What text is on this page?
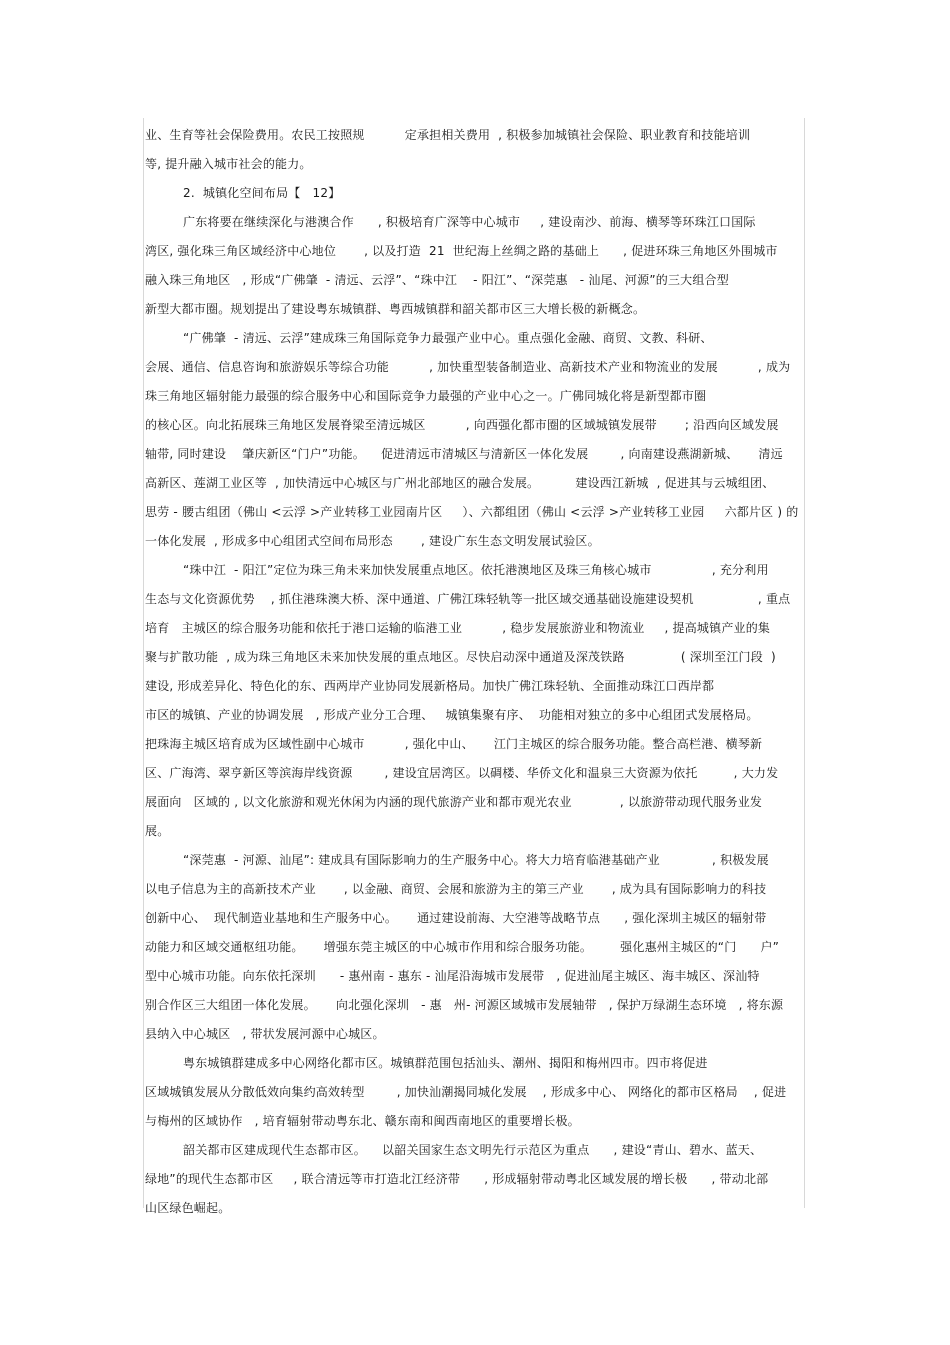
业、生育等社会保险费用。农民工按照规          定承担相关费用  , 积极参加城镇社会保险、职业教育和技能培训
等, 提升融入城市社会的能力。
2.  城镇化空间布局【   12】
广东将要在继续深化与港澳合作      , 积极培育广深等中心城市     , 建设南沙、前海、横琴等环珠江口国际
湾区, 强化珠三角区域经济中心地位       , 以及打造  21  世纪海上丝绸之路的基础上      , 促进环珠三角地区外围城市
融入珠三角地区   , 形成“广佛肇  - 清远、云浮”、“珠中江    - 阳江”、“深莞惠   - 汕尾、河源”的三大组合型
新型大都市圈。规划提出了建设粤东城镇群、粤西城镇群和韶关都市区三大增长极的新概念。
“广佛肇  - 清远、云浮”建成珠三角国际竞争力最强产业中心。重点强化金融、商贸、文教、科研、
会展、通信、信息咨询和旅游娱乐等综合功能          , 加快重型装备制造业、高新技术产业和物流业的发展          , 成为
珠三角地区辐射能力最强的综合服务中心和国际竞争力最强的产业中心之一。广佛同城化将是新型都市圈
的核心区。向北拓展珠三角地区发展脊梁至清远城区          , 向西强化都市圈的区域城镇发展带       ; 沿西向区域发展
轴带, 同时建设    肇庆新区“门户”功能。    促进清远市清城区与清新区一体化发展        , 向南建设燕湖新城、     清远
高新区、莲湖工业区等  , 加快清远中心城区与广州北部地区的融合发展。         建设西江新城  , 促进其与云城组团、
思劳 - 腰古组团（佛山 <云浮 >产业转移工业园南片区     ）、六都组团（佛山 <云浮 >产业转移工业园     六都片区 ) 的
一体化发展  , 形成多中心组团式空间布局形态       , 建设广东生态文明发展试验区。
“珠中江  - 阳江”定位为珠三角未来加快发展重点地区。依托港澳地区及珠三角核心城市               , 充分利用
生态与文化资源优势    , 抓住港珠澳大桥、深中通道、广佛江珠轻轨等一批区域交通基础设施建设契机                , 重点
培育   主城区的综合服务功能和依托于港口运输的临港工业          , 稳步发展旅游业和物流业     , 提高城镇产业的集
聚与扩散功能  , 成为珠三角地区未来加快发展的重点地区。尽快启动深中通道及深茂铁路              ( 深圳至江门段  )
建设, 形成差异化、特色化的东、西两岸产业协同发展新格局。加快广佛江珠轻轨、全面推动珠江口西岸都
市区的城镇、产业的协调发展   , 形成产业分工合理、   城镇集聚有序、  功能相对独立的多中心组团式发展格局。
把珠海主城区培育成为区域性副中心城市          , 强化中山、     江门主城区的综合服务功能。整合高栏港、横琴新
区、广海湾、翠亨新区等滨海岸线资源        , 建设宜居湾区。以碉楼、华侨文化和温泉三大资源为依托         , 大力发
展面向   区域的 , 以文化旅游和观光休闲为内涵的现代旅游产业和都市观光农业            , 以旅游带动现代服务业发
展。
“深莞惠  - 河源、汕尾”: 建成具有国际影响力的生产服务中心。将大力培育临港基础产业             , 积极发展
以电子信息为主的高新技术产业       , 以金融、商贸、会展和旅游为主的第三产业       , 成为具有国际影响力的科技
创新中心、  现代制造业基地和生产服务中心。     通过建设前海、大空港等战略节点      , 强化深圳主城区的辐射带
动能力和区域交通枢纽功能。     增强东莞主城区的中心城市作用和综合服务功能。       强化惠州主城区的“门      户”
型中心城市功能。向东依托深圳      - 惠州南 - 惠东 - 汕尾沿海城市发展带   , 促进汕尾主城区、海丰城区、深汕特
别合作区三大组团一体化发展。     向北强化深圳   - 惠   州- 河源区域城市发展轴带   , 保护万绿湖生态环境   , 将东源
县纳入中心城区   , 带状发展河源中心城区。
粤东城镇群建成多中心网络化都市区。城镇群范围包括汕头、潮州、揭阳和梅州四市。四市将促进
区域城镇发展从分散低效向集约高效转型        , 加快汕潮揭同城化发展    , 形成多中心、 网络化的都市区格局    , 促进
与梅州的区域协作   , 培育辐射带动粤东北、赣东南和闽西南地区的重要增长极。
韶关都市区建成现代生态都市区。    以韶关国家生态文明先行示范区为重点      , 建设“青山、碧水、蓝天、
绿地”的现代生态都市区     , 联合清远等市打造北江经济带      , 形成辐射带动粤北区域发展的增长极      , 带动北部
山区绿色崛起。
